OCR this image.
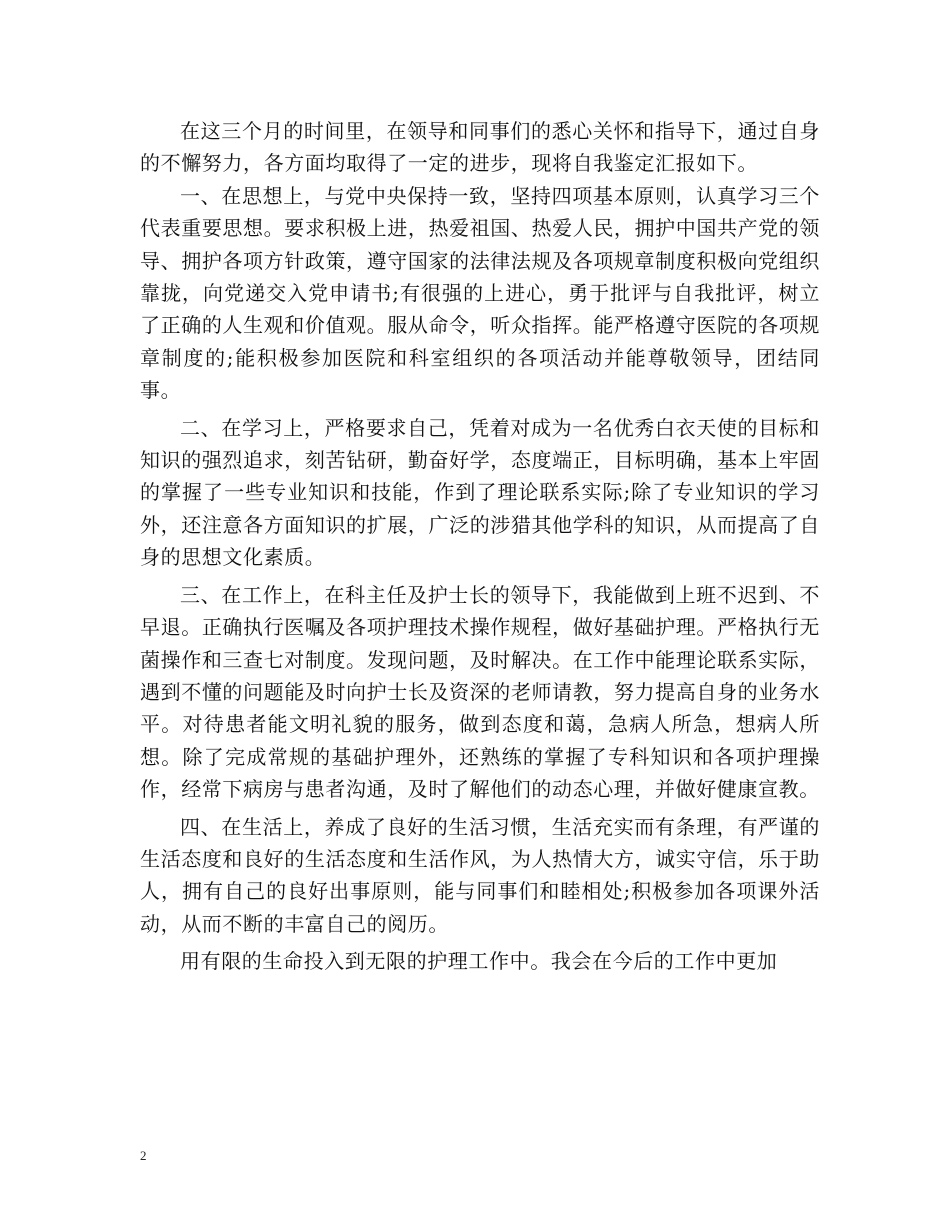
在这三个月的时间里，在领导和同事们的悉心关怀和指导下，通过自身的不懈努力，各方面均取得了一定的进步，现将自我鉴定汇报如下。

一、在思想上，与党中央保持一致，坚持四项基本原则，认真学习三个代表重要思想。要求积极上进，热爱祖国、热爱人民，拥护中国共产党的领导、拥护各项方针政策，遵守国家的法律法规及各项规章制度积极向党组织靠拢，向党递交入党申请书;有很强的上进心，勇于批评与自我批评，树立了正确的人生观和价值观。服从命令，听众指挥。能严格遵守医院的各项规章制度的;能积极参加医院和科室组织的各项活动并能尊敬领导，团结同事。

二、在学习上，严格要求自己，凭着对成为一名优秀白衣天使的目标和知识的强烈追求，刻苦钻研，勤奋好学，态度端正，目标明确，基本上牢固的掌握了一些专业知识和技能，作到了理论联系实际;除了专业知识的学习外，还注意各方面知识的扩展，广泛的涉猎其他学科的知识，从而提高了自身的思想文化素质。

三、在工作上，在科主任及护士长的领导下，我能做到上班不迟到、不早退。正确执行医嘱及各项护理技术操作规程，做好基础护理。严格执行无菌操作和三查七对制度。发现问题，及时解决。在工作中能理论联系实际，遇到不懂的问题能及时向护士长及资深的老师请教，努力提高自身的业务水平。对待患者能文明礼貌的服务，做到态度和蔼，急病人所急，想病人所想。除了完成常规的基础护理外，还熟练的掌握了专科知识和各项护理操作，经常下病房与患者沟通，及时了解他们的动态心理，并做好健康宣教。

四、在生活上，养成了良好的生活习惯，生活充实而有条理，有严谨的生活态度和良好的生活态度和生活作风，为人热情大方，诚实守信，乐于助人，拥有自己的良好出事原则，能与同事们和睦相处;积极参加各项课外活动，从而不断的丰富自己的阅历。

用有限的生命投入到无限的护理工作中。我会在今后的工作中更加

2
